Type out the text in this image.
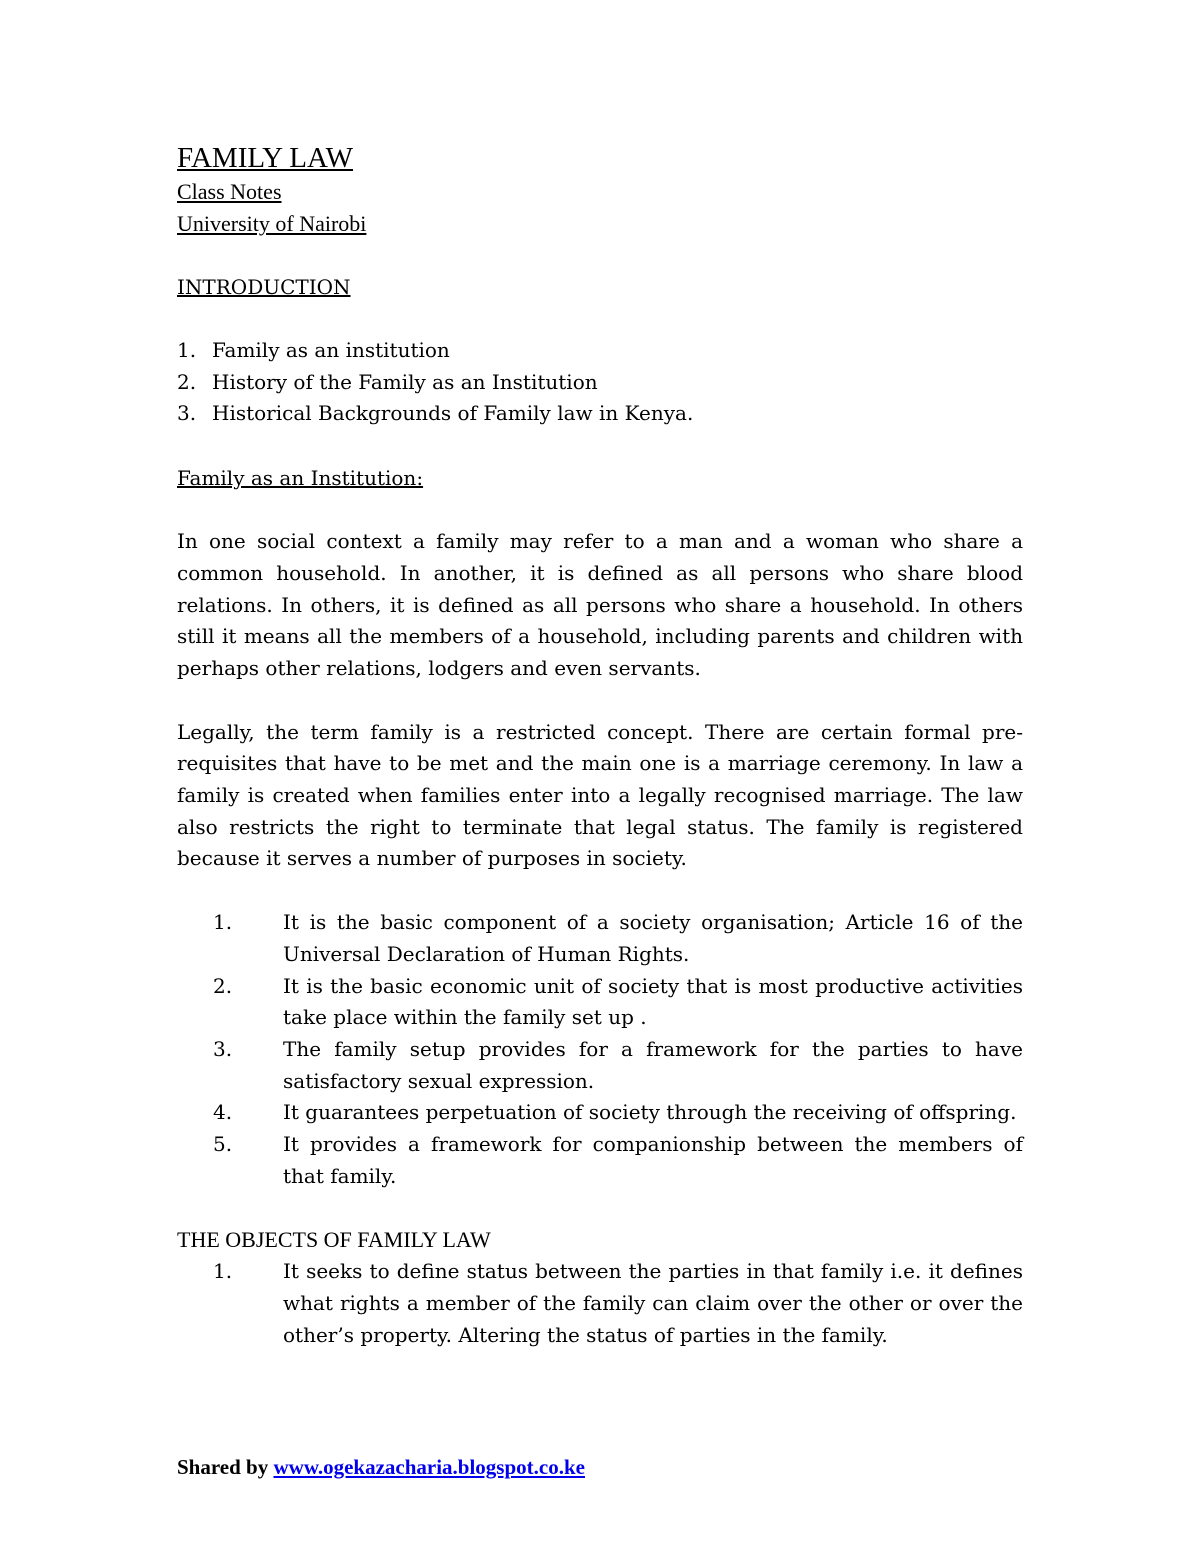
FAMILY LAW
Class Notes
University of Nairobi
INTRODUCTION
1. Family as an institution
2. History of the Family as an Institution
3. Historical Backgrounds of Family law in Kenya.
Family as an Institution:

In one social context a family may refer to a man and a woman who share a common household. In another, it is defined as all persons who share blood relations. In others, it is defined as all persons who share a household. In others still it means all the members of a household, including parents and children with perhaps other relations, lodgers and even servants.

Legally, the term family is a restricted concept. There are certain formal pre-requisites that have to be met and the main one is a marriage ceremony. In law a family is created when families enter into a legally recognised marriage. The law also restricts the right to terminate that legal status. The family is registered because it serves a number of purposes in society.

1.	It is the basic component of a society organisation; Article 16 of the Universal Declaration of Human Rights.
2.	It is the basic economic unit of society that is most productive activities take place within the family set up .
3.	The family setup provides for a framework for the parties to have satisfactory sexual expression.
4.	It guarantees perpetuation of society through the receiving of offspring.
5.	It provides a framework for companionship between the members of that family.
THE OBJECTS OF FAMILY LAW
1.	It seeks to define status between the parties in that family i.e. it defines what rights a member of the family can claim over the other or over the other’s property. Altering the status of parties in the family.
Shared by www.ogekazacharia.blogspot.co.ke
